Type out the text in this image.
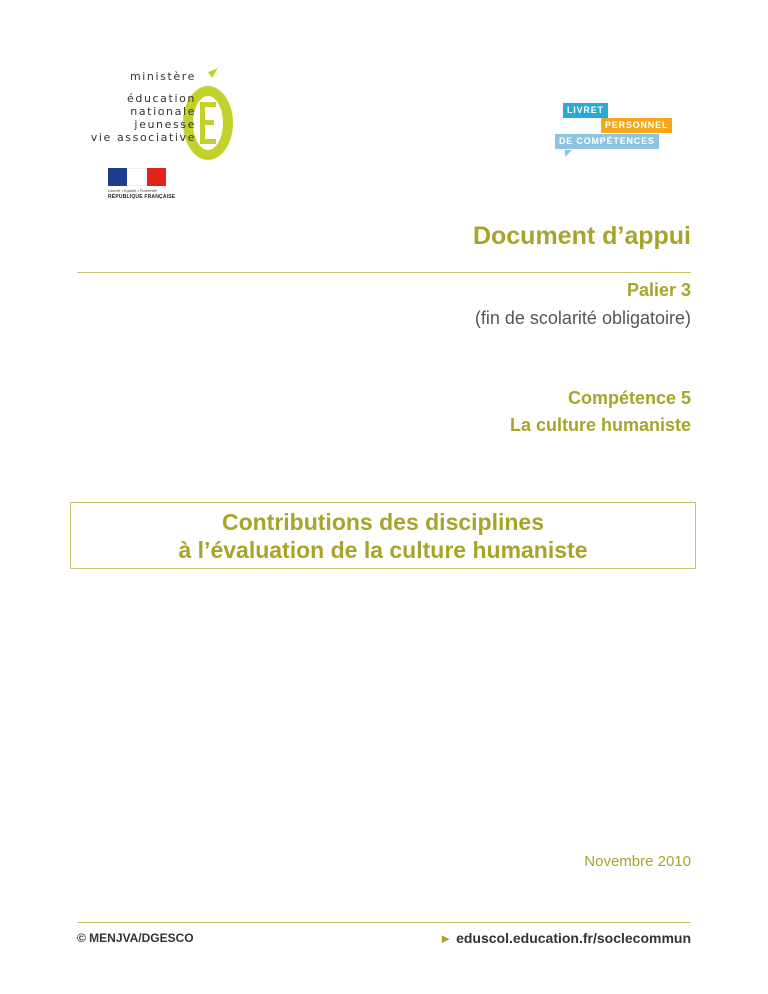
ministère
éducation
nationale
jeunesse
vie associative
Liberté • Égalité • Fraternité
RÉPUBLIQUE FRANÇAISE
LIVRET
PERSONNEL
DE COMPÉTENCES
Document d’appui
Palier 3
(fin de scolarité obligatoire)
Compétence 5
La culture humaniste
Contributions des disciplines
à l’évaluation de la culture humaniste
Novembre 2010
© MENJVA/DGESCO	► eduscol.education.fr/soclecommun
